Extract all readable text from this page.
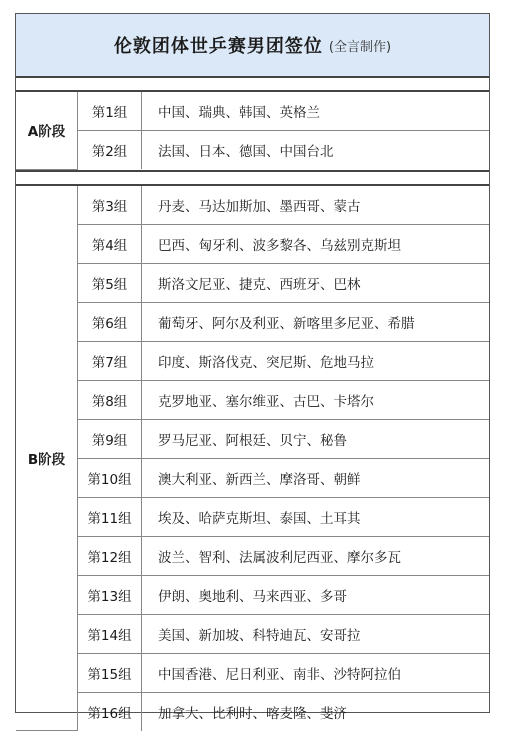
伦敦团体世乒赛男团签位 (全言制作)
A阶段	第1组	中国、瑞典、韩国、英格兰
	第2组	法国、日本、德国、中国台北
B阶段	第3组	丹麦、马达加斯加、墨西哥、蒙古
	第4组	巴西、匈牙利、波多黎各、乌兹别克斯坦
	第5组	斯洛文尼亚、捷克、西班牙、巴林
	第6组	葡萄牙、阿尔及利亚、新喀里多尼亚、希腊
	第7组	印度、斯洛伐克、突尼斯、危地马拉
	第8组	克罗地亚、塞尔维亚、古巴、卡塔尔
	第9组	罗马尼亚、阿根廷、贝宁、秘鲁
	第10组	澳大利亚、新西兰、摩洛哥、朝鲜
	第11组	埃及、哈萨克斯坦、泰国、土耳其
	第12组	波兰、智利、法属波利尼西亚、摩尔多瓦
	第13组	伊朗、奥地利、马来西亚、多哥
	第14组	美国、新加坡、科特迪瓦、安哥拉
	第15组	中国香港、尼日利亚、南非、沙特阿拉伯
	第16组	加拿大、比利时、喀麦隆、斐济
